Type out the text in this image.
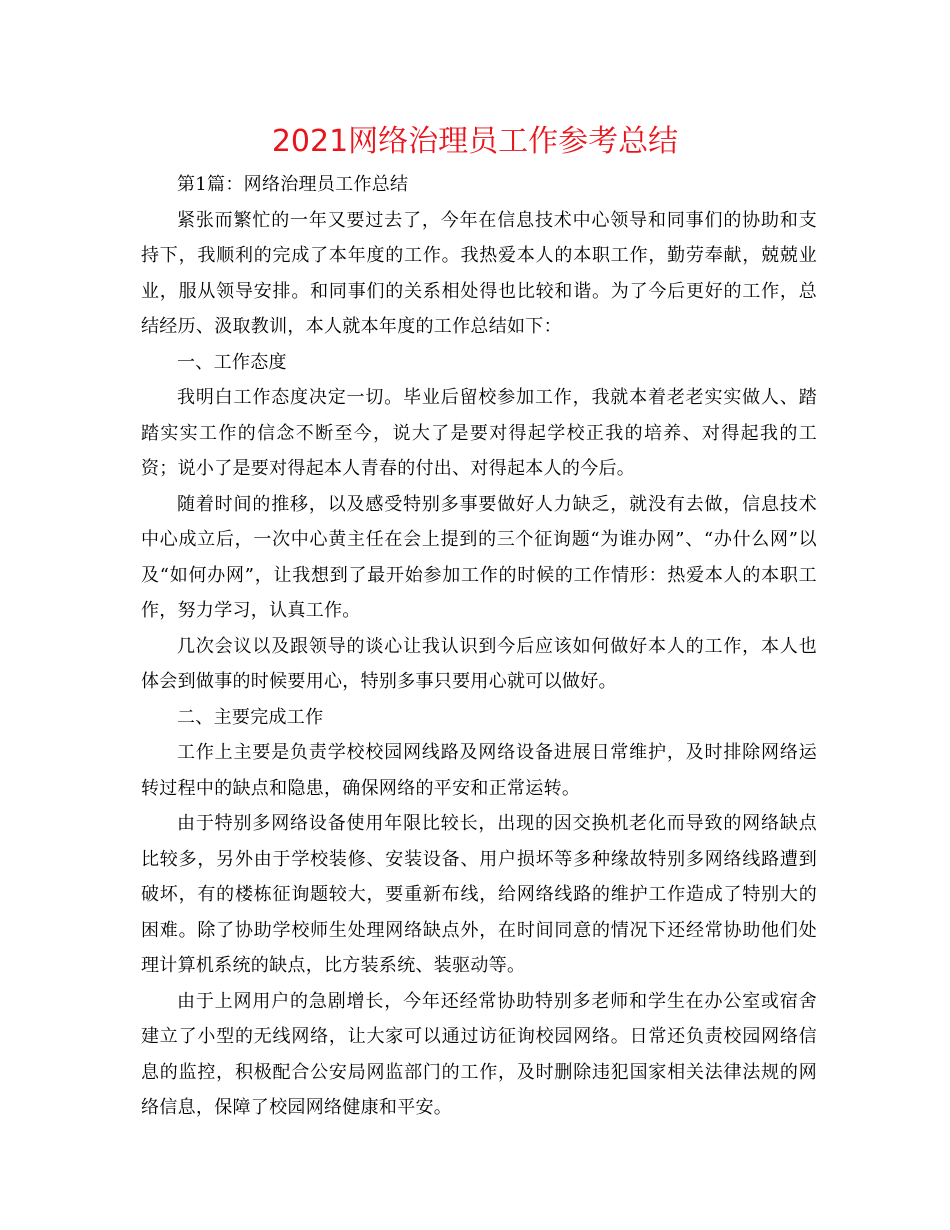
2021网络治理员工作参考总结

第1篇：网络治理员工作总结

紧张而繁忙的一年又要过去了，今年在信息技术中心领导和同事们的协助和支持下，我顺利的完成了本年度的工作。我热爱本人的本职工作，勤劳奉献，兢兢业业，服从领导安排。和同事们的关系相处得也比较和谐。为了今后更好的工作，总结经历、汲取教训，本人就本年度的工作总结如下：

一、工作态度

我明白工作态度决定一切。毕业后留校参加工作，我就本着老老实实做人、踏踏实实工作的信念不断至今，说大了是要对得起学校正我的培养、对得起我的工资；说小了是要对得起本人青春的付出、对得起本人的今后。

随着时间的推移，以及感受特别多事要做好人力缺乏，就没有去做，信息技术中心成立后，一次中心黄主任在会上提到的三个征询题“为谁办网”、“办什么网”以及“如何办网”，让我想到了最开始参加工作的时候的工作情形：热爱本人的本职工作，努力学习，认真工作。

几次会议以及跟领导的谈心让我认识到今后应该如何做好本人的工作，本人也体会到做事的时候要用心，特别多事只要用心就可以做好。

二、主要完成工作

工作上主要是负责学校校园网线路及网络设备进展日常维护，及时排除网络运转过程中的缺点和隐患，确保网络的平安和正常运转。

由于特别多网络设备使用年限比较长，出现的因交换机老化而导致的网络缺点比较多，另外由于学校装修、安装设备、用户损坏等多种缘故特别多网络线路遭到破坏，有的楼栋征询题较大，要重新布线，给网络线路的维护工作造成了特别大的困难。除了协助学校师生处理网络缺点外，在时间同意的情况下还经常协助他们处理计算机系统的缺点，比方装系统、装驱动等。

由于上网用户的急剧增长，今年还经常协助特别多老师和学生在办公室或宿舍建立了小型的无线网络，让大家可以通过访征询校园网络。日常还负责校园网络信息的监控，积极配合公安局网监部门的工作，及时删除违犯国家相关法律法规的网络信息，保障了校园网络健康和平安。
